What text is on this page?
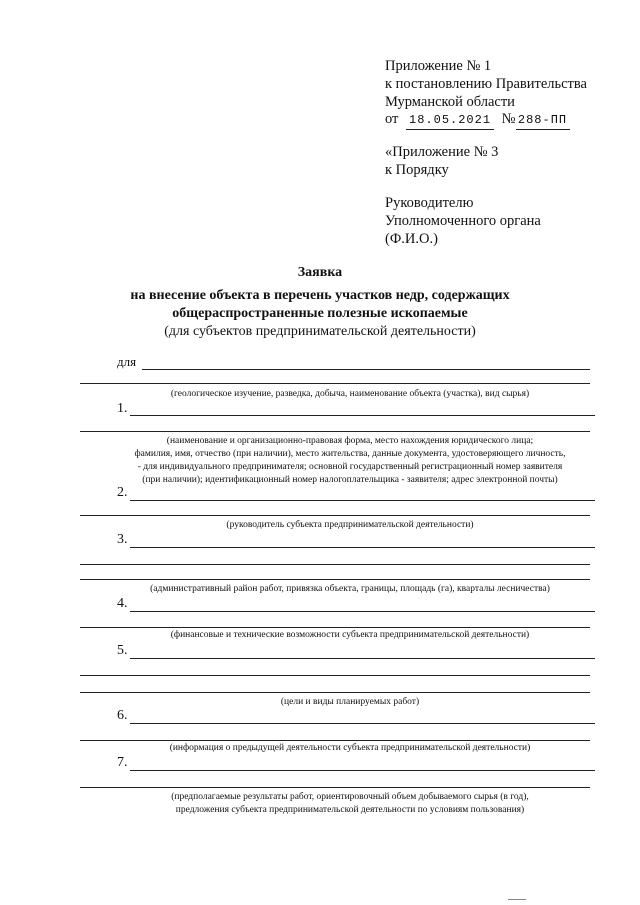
Приложение № 1
к постановлению Правительства
Мурманской области
от 18.05.2021 № 288-ПП
«Приложение № 3
к Порядку
Руководителю
Уполномоченного органа
(Ф.И.О.)
Заявка
на внесение объекта в перечень участков недр, содержащих
общераспространенные полезные ископаемые
(для субъектов предпринимательской деятельности)
для
(геологическое изучение, разведка, добыча, наименование объекта (участка), вид сырья)
1.
(наименование и организационно-правовая форма, место нахождения юридического лица;
фамилия, имя, отчество (при наличии), место жительства, данные документа, удостоверяющего личность,
- для индивидуального предпринимателя; основной государственный регистрационный номер заявителя
(при наличии); идентификационный номер налогоплательщика - заявителя; адрес электронной почты)
2.
(руководитель субъекта предпринимательской деятельности)
3.
(административный район работ, привязка объекта, границы, площадь (га), кварталы лесничества)
4.
(финансовые и технические возможности субъекта предпринимательской деятельности)
5.
(цели и виды планируемых работ)
6.
(информация о предыдущей деятельности субъекта предпринимательской деятельности)
7.
(предполагаемые результаты работ, ориентировочный объем добываемого сырья (в год),
предложения субъекта предпринимательской деятельности по условиям пользования)
